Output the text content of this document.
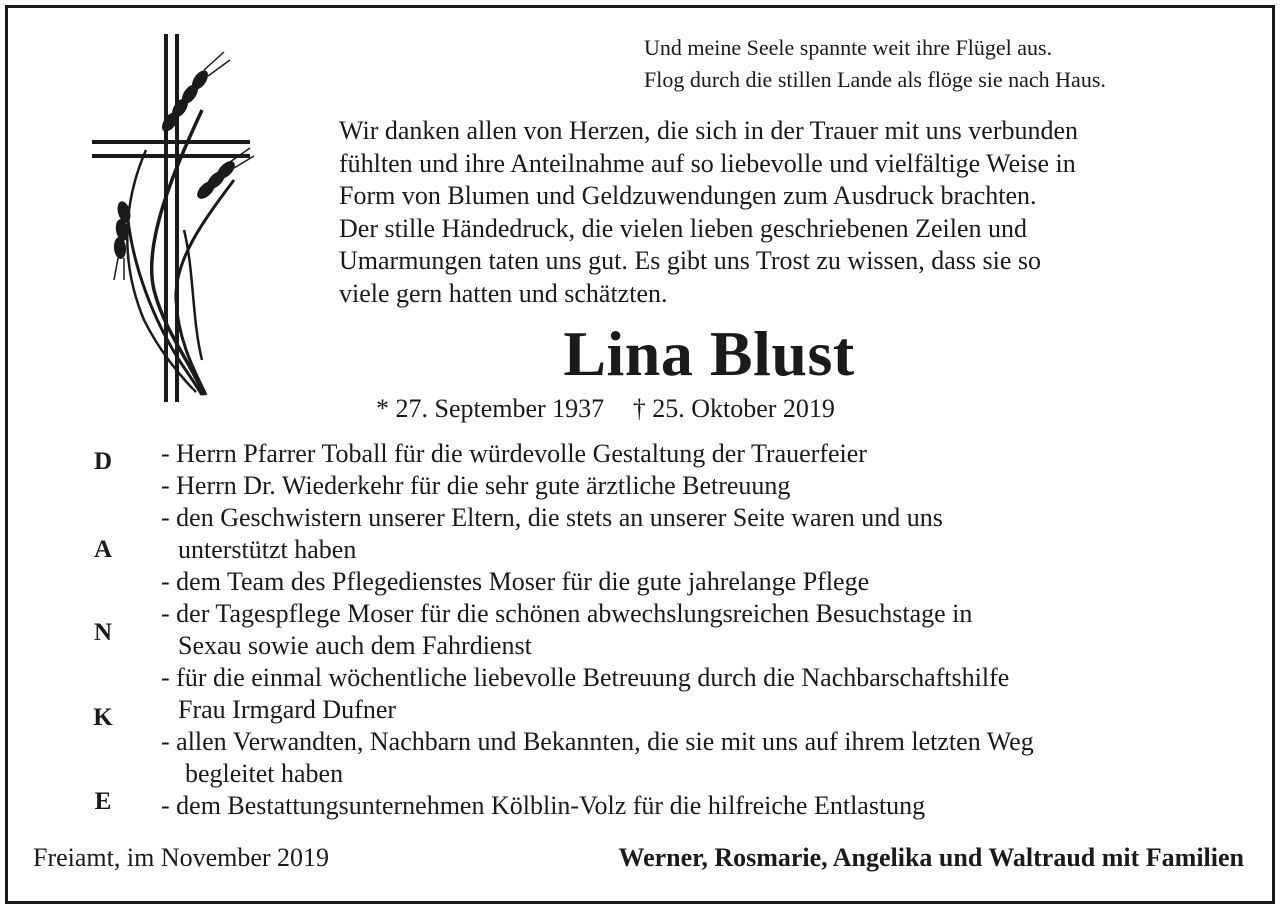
Und meine Seele spannte weit ihre Flügel aus.
Flog durch die stillen Lande als flöge sie nach Haus.
Wir danken allen von Herzen, die sich in der Trauer mit uns verbunden
fühlten und ihre Anteilnahme auf so liebevolle und vielfältige Weise in
Form von Blumen und Geldzuwendungen zum Ausdruck brachten.
Der stille Händedruck, die vielen lieben geschriebenen Zeilen und
Umarmungen taten uns gut. Es gibt uns Trost zu wissen, dass sie so
viele gern hatten und schätzten.
Lina Blust
* 27. September 1937 † 25. Oktober 2019
D
A
N
K
E
- Herrn Pfarrer Toball für die würdevolle Gestaltung der Trauerfeier
- Herrn Dr. Wiederkehr für die sehr gute ärztliche Betreuung
- den Geschwistern unserer Eltern, die stets an unserer Seite waren und uns
unterstützt haben
- dem Team des Pflegedienstes Moser für die gute jahrelange Pflege
- der Tagespflege Moser für die schönen abwechslungsreichen Besuchstage in
Sexau sowie auch dem Fahrdienst
- für die einmal wöchentliche liebevolle Betreuung durch die Nachbarschaftshilfe
Frau Irmgard Dufner
- allen Verwandten, Nachbarn und Bekannten, die sie mit uns auf ihrem letzten Weg
begleitet haben
- dem Bestattungsunternehmen Kölblin-Volz für die hilfreiche Entlastung
Freiamt, im November 2019	Werner, Rosmarie, Angelika und Waltraud mit Familien
